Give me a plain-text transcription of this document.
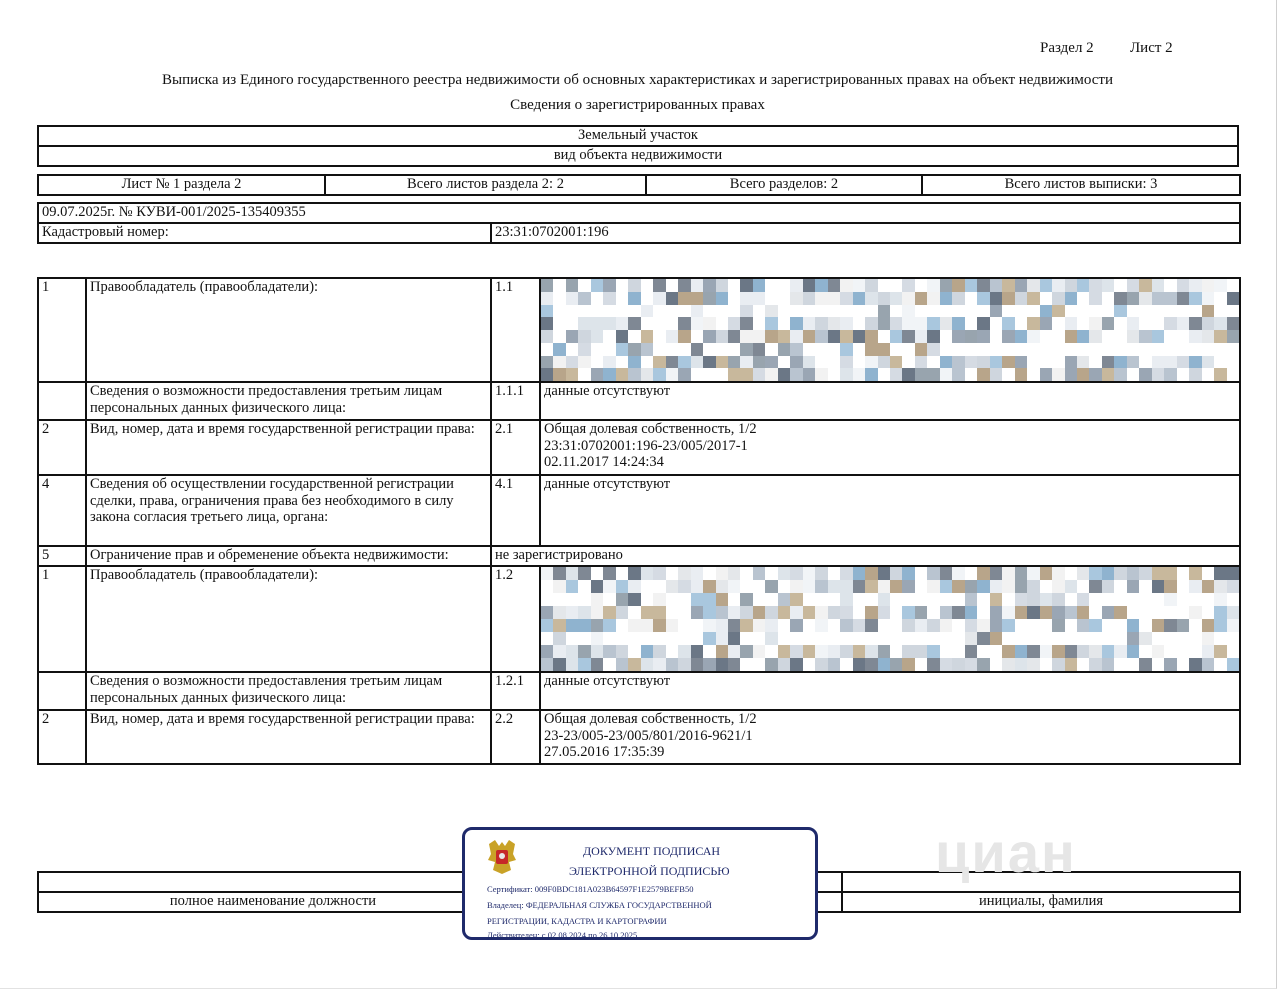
Раздел 2 Лист 2
Выписка из Единого государственного реестра недвижимости об основных характеристиках и зарегистрированных правах на объект недвижимости
Сведения о зарегистрированных правах
Земельный участок
вид объекта недвижимости
Лист № 1 раздела 2	Всего листов раздела 2: 2	Всего разделов: 2	Всего листов выписки: 3
09.07.2025г. № КУВИ-001/2025-135409355
Кадастровый номер:	23:31:0702001:196
1	Правообладатель (правообладатели):	1.1	

	Сведения о возможности предоставления третьим лицам персональных данных физического лица:	1.1.1	данные отсутствуют
2	Вид, номер, дата и время государственной регистрации права:	2.1	Общая долевая собственность, 1/2
23:31:0702001:196-23/005/2017-1
02.11.2017 14:24:34

4	Сведения об осуществлении государственной регистрации сделки, права, ограничения права без необходимого в силу закона согласия третьего лица, органа:	4.1	данные отсутствуют
5	Ограничение прав и обременение объекта недвижимости:	не зарегистрировано	
1	Правообладатель (правообладатели):	1.2	

	Сведения о возможности предоставления третьим лицам персональных данных физического лица:	1.2.1	данные отсутствуют
2	Вид, номер, дата и время государственной регистрации права:	2.2	Общая долевая собственность, 1/2
23-23/005-23/005/801/2016-9621/1
27.05.2016 17:35:39

полное наименование должности		инициалы, фамилия
циан
ДОКУМЕНТ ПОДПИСАН
ЭЛЕКТРОННОЙ ПОДПИСЬЮ
Сертификат: 009F0BDC181A023B64597F1E2579BEFB50
Владелец: ФЕДЕРАЛЬНАЯ СЛУЖБА ГОСУДАРСТВЕННОЙ
РЕГИСТРАЦИИ, КАДАСТРА И КАРТОГРАФИИ
Действителен: с 02.08.2024 по 26.10.2025
